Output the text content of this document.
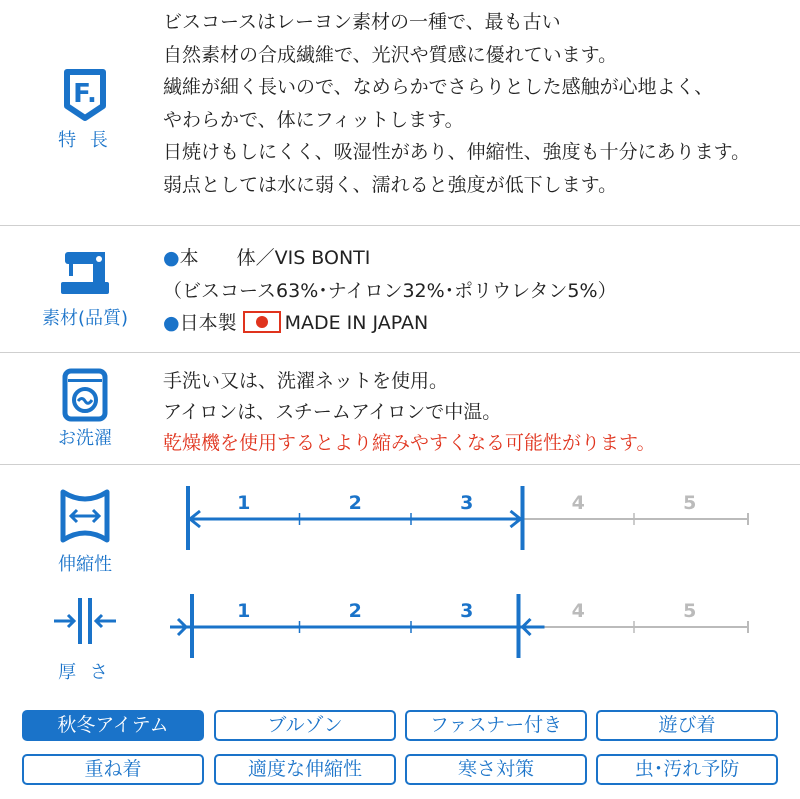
F.
特 長
ビスコースはレーヨン素材の一種で、最も古い
自然素材の合成繊維で、光沢や質感に優れています。
繊維が細く長いので、なめらかでさらりとした感触が心地よく、
やわらかで、体にフィットします。
日焼けもしにくく、吸湿性があり、伸縮性、強度も十分にあります。
弱点としては水に弱く、濡れると強度が低下します。
素材(品質)
●本　　体／VIS BONTI
（ビスコース63%･ナイロン32%･ポリウレタン5%）
●日本製	MADE IN JAPAN
お洗濯
手洗い又は、洗濯ネットを使用。
アイロンは、スチームアイロンで中温。
乾燥機を使用するとより縮みやすくなる可能性がります。
伸縮性
1	2	3	4	5
厚 さ
1	2	3	4	5
秋冬アイテム	ブルゾン	ファスナー付き	遊び着
重ね着	適度な伸縮性	寒さ対策	虫･汚れ予防
